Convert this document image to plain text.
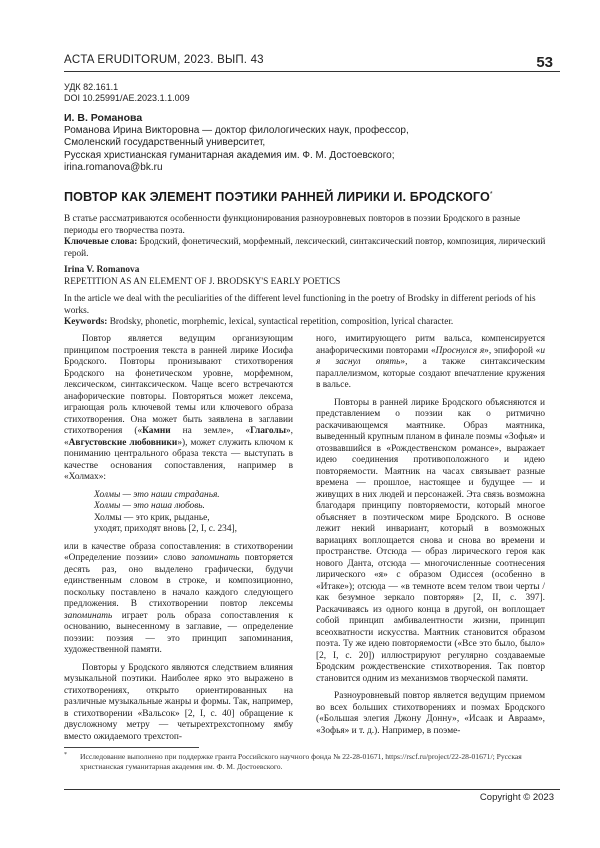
ACTA ERUDITORUM, 2023. ВЫП. 43	53
УДК 82.161.1
DOI 10.25991/AE.2023.1.1.009
И. В. Романова
Романова Ирина Викторовна — доктор филологических наук, профессор,
Смоленский государственный университет,
Русская христианская гуманитарная академия им. Ф. М. Достоевского;
irina.romanova@bk.ru
ПОВТОР КАК ЭЛЕМЕНТ ПОЭТИКИ РАННЕЙ ЛИРИКИ И. БРОДСКОГО*
В статье рассматриваются особенности функционирования разноуровневых повторов в поэзии Бродского в разные периоды его творчества поэта.
Ключевые слова: Бродский, фонетический, морфемный, лексический, синтаксический повтор, композиция, лирический герой.
Irina V. Romanova
REPETITION AS AN ELEMENT OF J. BRODSKY'S EARLY POETICS
In the article we deal with the peculiarities of the different level functioning in the poetry of Brodsky in different periods of his works.
Keywords: Brodsky, phonetic, morphemic, lexical, syntactical repetition, composition, lyrical character.

Повтор является ведущим организующим принципом построения текста в ранней лирике Иосифа Бродского. Повторы пронизывают стихотворения Бродского на фонетическом уровне, морфемном, лексическом, синтаксическом. Чаще всего встречаются анафорические повторы. Повторяться может лексема, играющая роль ключевой темы или ключевого образа стихотворения. Она может быть заявлена в заглавии стихотворения («Камни на земле», «Глаголы», «Августовские любовники»), может служить ключом к пониманию центрального образа текста — выступать в качестве основания сопоставления, например в «Холмах»:

Холмы — это наши страданья.
Холмы — это наша любовь.
Холмы — это крик, рыданье,
уходят, приходят вновь [2, I, с. 234],

или в качестве образа сопоставления: в стихотворении «Определение поэзии» слово запоминать повторяется десять раз, оно выделено графически, будучи единственным словом в строке, и композиционно, поскольку поставлено в начало каждого следующего предложения. В стихотворении повтор лексемы запоминать играет роль образа сопоставления к основанию, вынесенному в заглавие, — определение поэзии: поэзия — это принцип запоминания, художественной памяти.

Повторы у Бродского являются следствием влияния музыкальной поэтики. Наиболее ярко это выражено в стихотворениях, открыто ориентированных на различные музыкальные жанры и формы. Так, например, в стихотворении «Вальсок» [2, I, с. 40] обращение к двусложному метру — четырехтрехстопному ямбу вместо ожидаемого трехстоп-

ного, имитирующего ритм вальса, компенсируется анафорическими повторами «Проснулся я», эпифорой «и я заснул опять», а также синтаксическим параллелизмом, которые создают впечатление кружения в вальсе.

Повторы в ранней лирике Бродского объясняются и представлением о поэзии как о ритмично раскачивающемся маятнике. Образ маятника, выведенный крупным планом в финале поэмы «Зофья» и отозвавшийся в «Рождественском романсе», выражает идею соединения противоположного и идею повторяемости. Маятник на часах связывает разные времена — прошлое, настоящее и будущее — и живущих в них людей и персонажей. Эта связь возможна благодаря принципу повторяемости, который многое объясняет в поэтическом мире Бродского. В основе лежит некий инвариант, который в возможных вариациях воплощается снова и снова во времени и пространстве. Отсюда — образ лирического героя как нового Данта, отсюда — многочисленные соотнесения лирического «я» с образом Одиссея (особенно в «Итаке»); отсюда — «в темноте всем телом твои черты / как безумное зеркало повторяя» [2, II, с. 397]. Раскачиваясь из одного конца в другой, он воплощает собой принцип амбивалентности жизни, принцип всеохватности искусства. Маятник становится образом поэта. Ту же идею повторяемости («Все это было, было» [2, I, с. 20]) иллюстрируют регулярно создаваемые Бродским рождественские стихотворения. Так повтор становится одним из механизмов творческой памяти.

Разноуровневый повтор является ведущим приемом во всех больших стихотворениях и поэмах Бродского («Большая элегия Джону Донну», «Исаак и Авраам», «Зофья» и т. д.). Например, в поэме-

*	Исследование выполнено при поддержке гранта Российского научного фонда № 22-28-01671, https://rscf.ru/project/22-28-01671/; Русская христианская гуманитарная академия им. Ф. М. Достоевского.
Copyright © 2023
